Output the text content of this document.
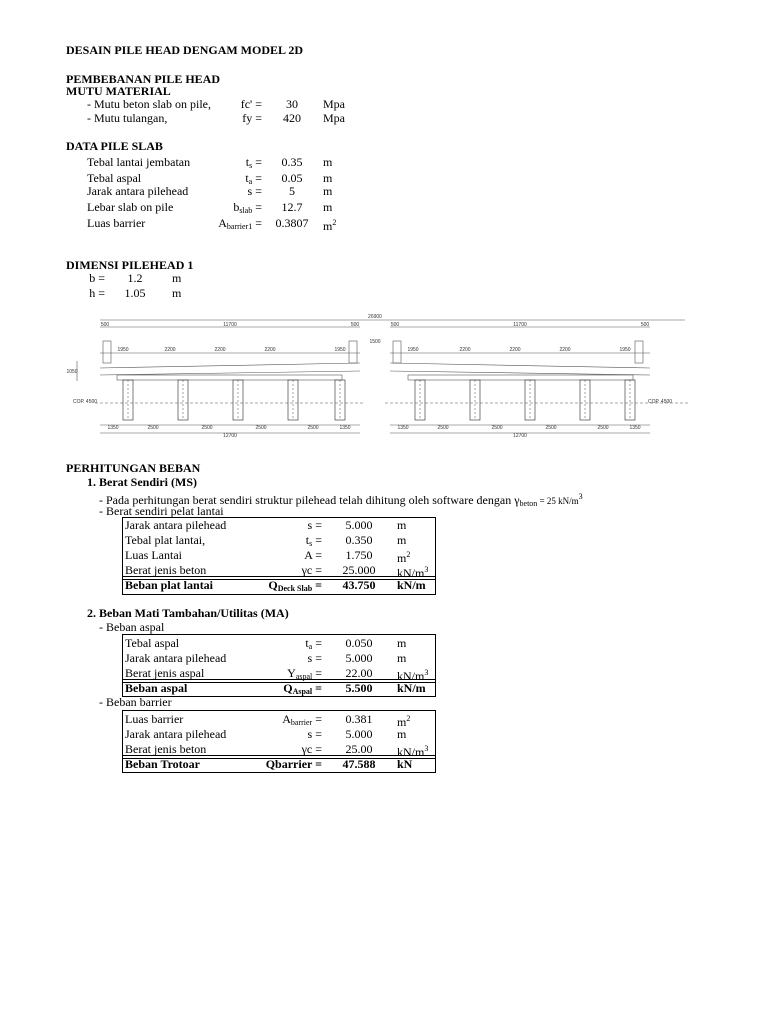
DESAIN PILE HEAD DENGAM MODEL 2D
PEMBEBANAN PILE HEAD
MUTU MATERIAL
- Mutu beton slab on pile,	fc' =	30	Mpa
- Mutu tulangan,	fy =	420	Mpa
DATA PILE SLAB
Tebal lantai jembatan	$t_s$ =	0.35	m
Tebal aspal	$t_a$ =	0.05	m
Jarak antara pilehead	s =	5	m
Lebar slab on pile	$b_{slab}$ =	12.7	m
Luas barrier	$A_{barrier1} = 0.3807$ $m^2$
DIMENSI PILEHEAD 1
b =	1.2	m
h =	1.05	m
26900
11700	11700
500	500	500	500
1500
COP. 4500	COP. 4500
1050
1950	1950
2200	2200
2200	2200
2200	2200
1950	1950
1350	2500	2500	2500	2500	1350	1350	2500	2500	2500	2500	1350
12700	12700
PERHITUNGAN BEBAN
1. Berat Sendiri (MS)
- Pada perhitungan berat sendiri struktur pilehead telah dihitung oleh software dengan $\gamma_{beton} = 25$ $kN/m^3$
- Berat sendiri pelat lantai
Jarak antara pilehead	s =	5.000	m
Tebal plat lantai,	$t_s$ =	0.350	m
Luas Lantai	A =	1.750	$m^2$
Berat jenis beton	γc =	25.000	$kN/m^3$
Beban plat lantai	$Q_{Deck Slab}$ =	43.750	kN/m
2. Beban Mati Tambahan/Utilitas (MA)
- Beban aspal
Tebal aspal	$t_a$ =	0.050	m
Jarak antara pilehead	s =	5.000	m
Berat jenis aspal	$\Upsilon_{aspal}$ =	22.00	$kN/m^3$
Beban aspal	$Q_{Aspal}$ =	5.500	kN/m
- Beban barrier
Luas barrier	$A_{barrier}$ =	0.381	$m^2$
Jarak antara pilehead	s =	5.000	m
Berat jenis beton	γc =	25.00	$kN/m^3$
Beban Trotoar	Qbarrier =	47.588	kN
